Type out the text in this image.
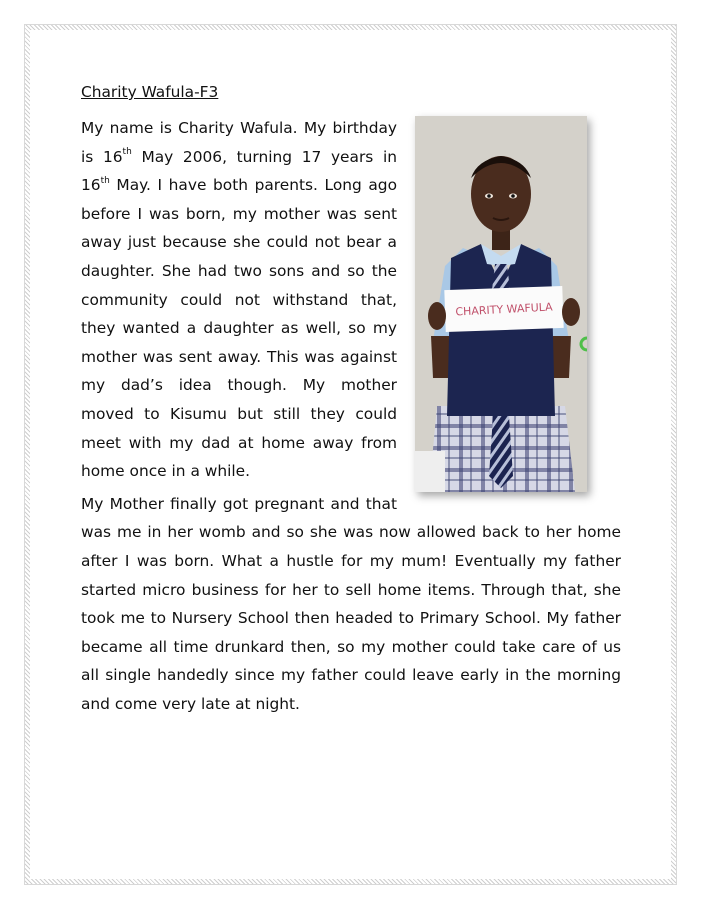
Charity Wafula-F3
CHARITY WAFULA

My name is Charity Wafula. My birthday is 16th May 2006, turning 17 years in 16th May. I have both parents. Long ago before I was born, my mother was sent away just because she could not bear a daughter. She had two sons and so the community could not withstand that, they wanted a daughter as well, so my mother was sent away. This was against my dad’s idea though. My mother moved to Kisumu but still they could meet with my dad at home away from home once in a while.

My Mother finally got pregnant and that was me in her womb and so she was now allowed back to her home after I was born. What a hustle for my mum! Eventually my father started micro business for her to sell home items. Through that, she took me to Nursery School then headed to Primary School. My father became all time drunkard then, so my mother could take care of us all single handedly since my father could leave early in the morning and come very late at night.
